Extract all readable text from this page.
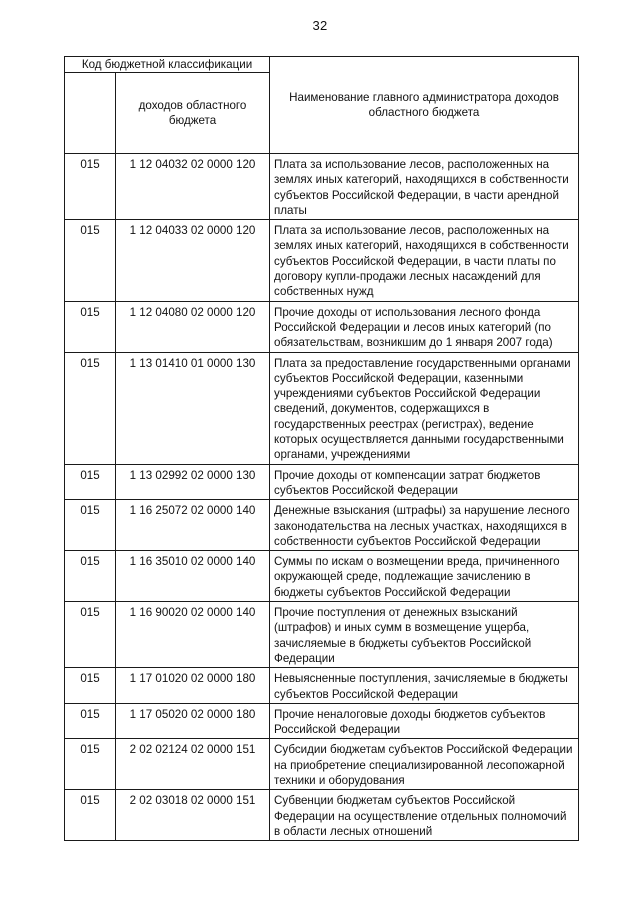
32
Код бюджетной классификации		Наименование главного администратора доходов областного бюджета
	доходов областного бюджета	
015	1 12 04032 02 0000 120	Плата за использование лесов, расположенных на землях иных категорий, находящихся в собственности субъектов Российской Федерации, в части арендной платы
015	1 12 04033 02 0000 120	Плата за использование лесов, расположенных на землях иных категорий, находящихся в собственности субъектов Российской Федерации, в части платы по договору купли-продажи лесных насаждений для собственных нужд
015	1 12 04080 02 0000 120	Прочие доходы от использования лесного фонда Российской Федерации и лесов иных категорий (по обязательствам, возникшим до 1 января 2007 года)
015	1 13 01410 01 0000 130	Плата за предоставление государственными органами субъектов Российской Федерации, казенными учреждениями субъектов Российской Федерации сведений, документов, содержащихся в государственных реестрах (регистрах), ведение которых осуществляется данными государственными органами, учреждениями
015	1 13 02992 02 0000 130	Прочие доходы от компенсации затрат бюджетов субъектов Российской Федерации
015	1 16 25072 02 0000 140	Денежные взыскания (штрафы) за нарушение лесного законодательства на лесных участках, находящихся в собственности субъектов Российской Федерации
015	1 16 35010 02 0000 140	Суммы по искам о возмещении вреда, причиненного окружающей среде, подлежащие зачислению в бюджеты субъектов Российской Федерации
015	1 16 90020 02 0000 140	Прочие поступления от денежных взысканий (штрафов) и иных сумм в возмещение ущерба, зачисляемые в бюджеты субъектов Российской Федерации
015	1 17 01020 02 0000 180	Невыясненные поступления, зачисляемые в бюджеты субъектов Российской Федерации
015	1 17 05020 02 0000 180	Прочие неналоговые доходы бюджетов субъектов Российской Федерации
015	2 02 02124 02 0000 151	Субсидии бюджетам субъектов Российской Федерации на приобретение специализированной лесопожарной техники и оборудования
015	2 02 03018 02 0000 151	Субвенции бюджетам субъектов Российской Федерации на осуществление отдельных полномочий в области лесных отношений
